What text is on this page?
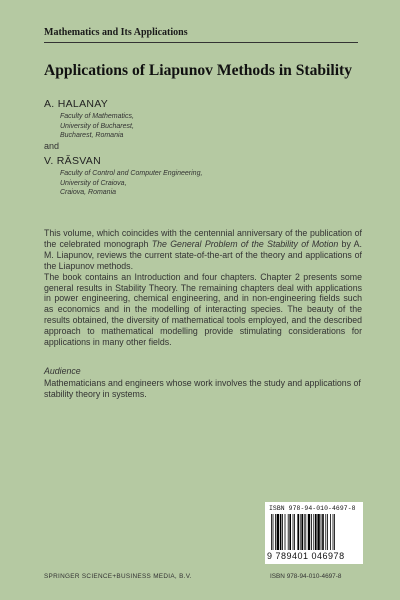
Mathematics and Its Applications
Applications of Liapunov Methods in Stability
A. HALANAY
Faculty of Mathematics,
University of Bucharest,
Bucharest, Romania
and
V. RĂSVAN
Faculty of Control and Computer Engineering,
University of Craiova,
Craiova, Romania

This volume, which coincides with the centennial anniversary of the publication of the celebrated monograph The General Problem of the Stability of Motion by A. M. Liapunov, reviews the current state-of-the-art of the theory and applications of the Liapunov methods.

The book contains an Introduction and four chapters. Chapter 2 presents some general results in Stability Theory. The remaining chapters deal with applications in power engineering, chemical engineering, and in non-engineering fields such as economics and in the modelling of interacting species. The beauty of the results obtained, the diversity of mathematical tools employed, and the described approach to mathematical modelling provide stimulating considerations for applications in many other fields.

Audience

Mathematicians and engineers whose work involves the study and applications of stability theory in systems.

ISBN 978-94-010-4697-8
9 789401 046978
SPRINGER SCIENCE+BUSINESS MEDIA, B.V.	ISBN 978-94-010-4697-8
